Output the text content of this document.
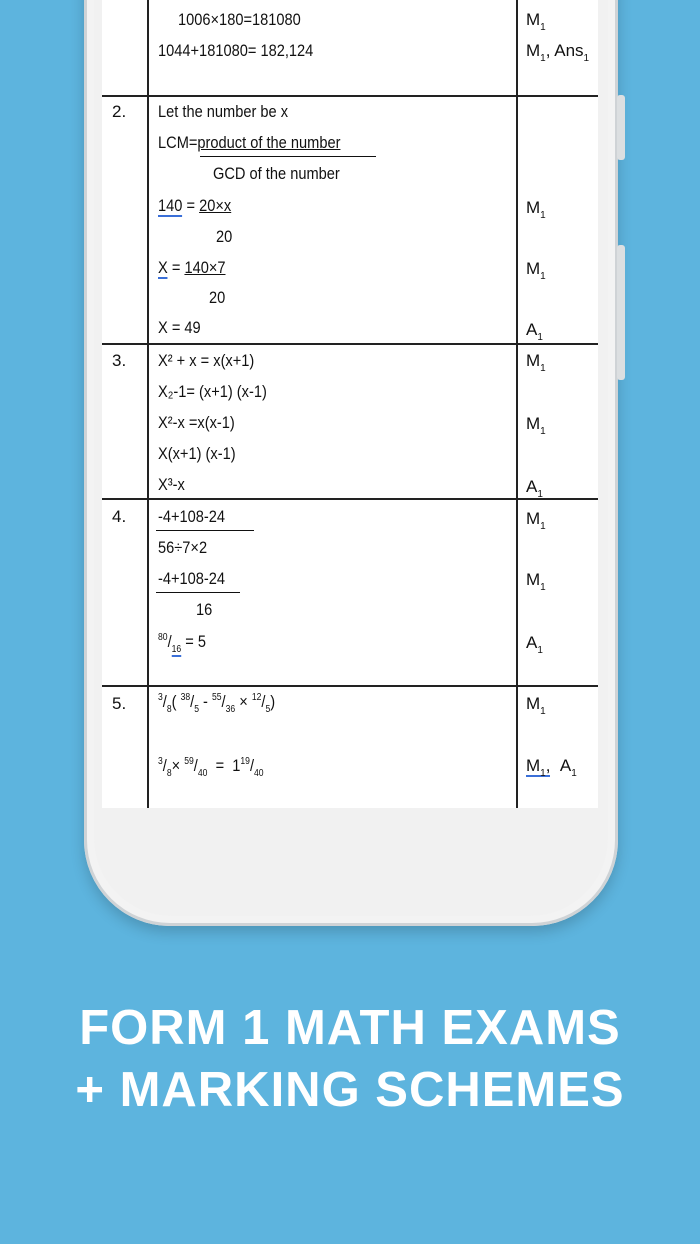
1006×180=181080
1044+181080= 182,124
$M_1$
$M_1$, Ans$_1$
2. Let the number be x
LCM=product of the number
GCD of the number
140 = 20×x
20
X = 140×7
20
X = 49
$M_1$
$M_1$
$A_1$
3. X² + x = x(x+1)
X₂-1= (x+1) (x-1)
X²-x =x(x-1)
X(x+1) (x-1)
X³-x
$M_1$
$M_1$
$A_1$
4. -4+108-24
56÷7×2
-4+108-24
16
$^{80}/_{16} = 5$
$M_1$
$M_1$
$A_1$
5.	$^3/_8$( $^{38}/_5 - ^{55}/_{36} \times ^{12}/_5$)
$^3/_8\times ^{59}/_{40} = 1^{19}/_{40}$
$M_1$
$M_1$, $A_1$
FORM 1 MATH EXAMS
+ MARKING SCHEMES
